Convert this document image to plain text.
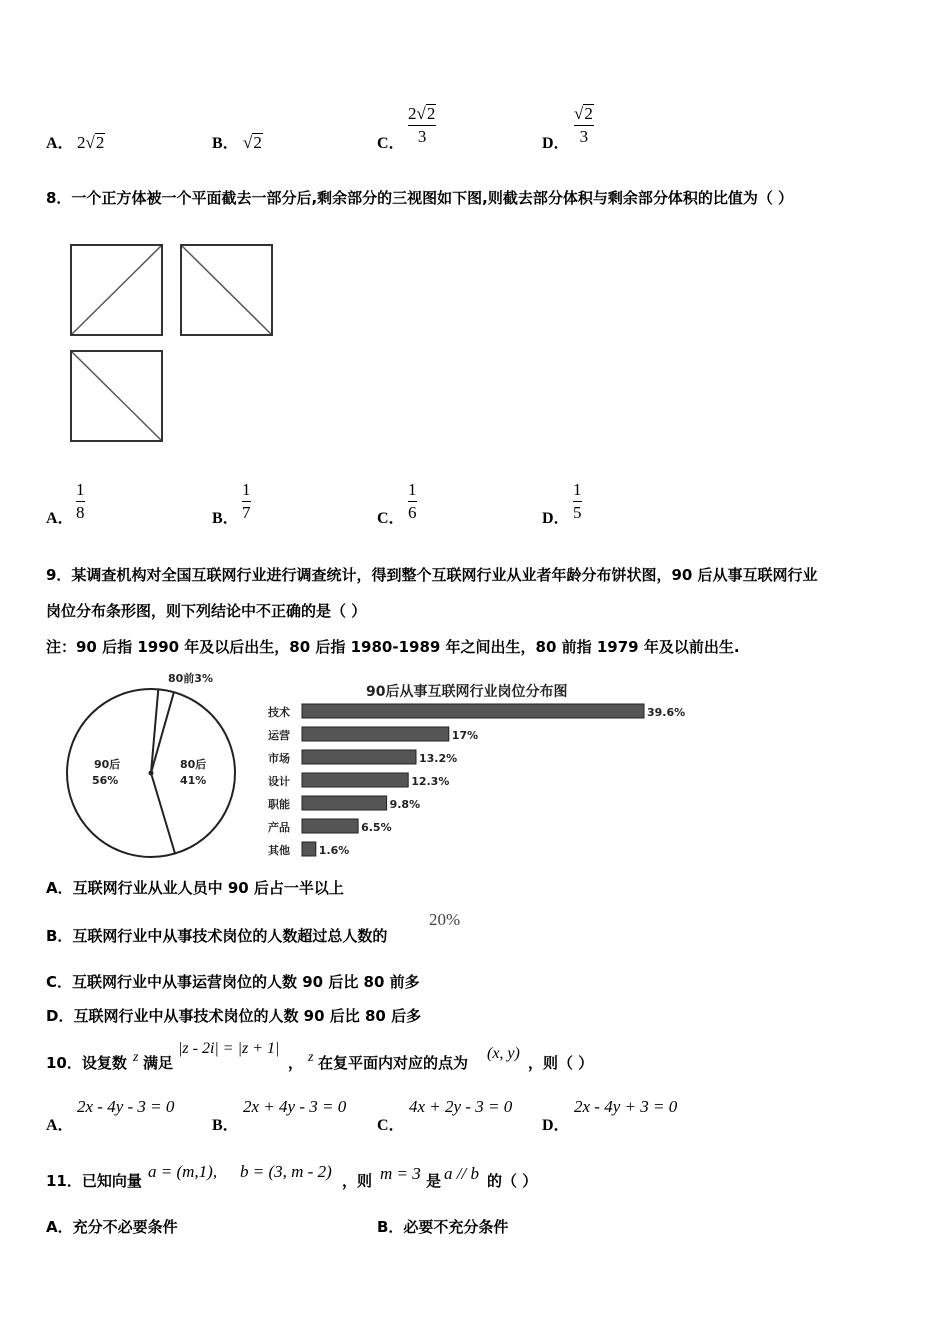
A． 2√2	B． √2	C．
2√2
3	D．
√2
3
8．一个正方体被一个平面截去一部分后,剩余部分的三视图如下图,则截去部分体积与剩余部分体积的比值为（ ）
A．
1
8	B．
1
7	C．
1
6	D．
1
5
9．某调查机构对全国互联网行业进行调查统计，得到整个互联网行业从业者年龄分布饼状图，90 后从事互联网行业
岗位分布条形图，则下列结论中不正确的是（ ）
注：90 后指 1990 年及以后出生，80 后指 1980-1989 年之间出生，80 前指 1979 年及以前出生.
90后
56%
80后
41%
80前3%
90后从事互联网行业岗位分布图
技术	39.6%
运营	17%
市场	13.2%
设计	12.3%
职能	9.8%
产品	6.5%
其他	1.6%
A．互联网行业从业人员中 90 后占一半以上
B．互联网行业中从事技术岗位的人数超过总人数的
20%
C．互联网行业中从事运营岗位的人数 90 后比 80 前多
D．互联网行业中从事技术岗位的人数 90 后比 80 后多
10．设复数 z 满足
|z - 2i| = |z + 1|
， z 在复平面内对应的点为
(x, y)
，则（ ）
A．
2x - 4y - 3 = 0
B．
2x + 4y - 3 = 0
C．
4x + 2y - 3 = 0
D．
2x - 4y + 3 = 0
11．已知向量 a = (m,1), b = (3, m - 2) ，则 m = 3 是 a // b 的（ ）
A．充分不必要条件	B．必要不充分条件
